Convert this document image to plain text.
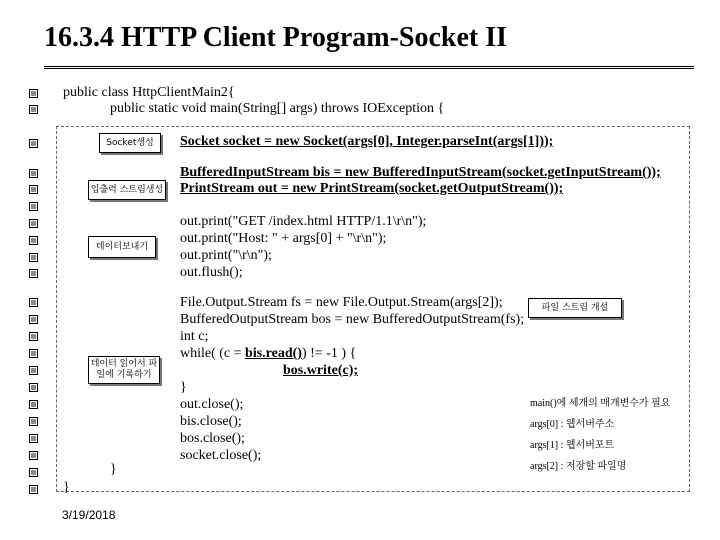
16.3.4 HTTP Client Program-Socket II
public class HttpClientMain2{
public static void main(String[] args) throws IOException {
Socket socket = new Socket(args[0], Integer.parseInt(args[1]));
BufferedInputStream bis = new BufferedInputStream(socket.getInputStream());
PrintStream out = new PrintStream(socket.getOutputStream());
out.print("GET /index.html HTTP/1.1\r\n");
out.print("Host: " + args[0] + "\r\n");
out.print("\r\n");
out.flush();
File.Output.Stream fs = new File.Output.Stream(args[2]);
BufferedOutputStream bos = new BufferedOutputStream(fs);
int c;
while( (c = bis.read()) != -1 ) {
bos.write(c);
}
out.close();
bis.close();
bos.close();
socket.close();
}
}
Socket생성
입출력 스트림생성
데이터보내기
데이터 읽어서 파
일에 기록하기
파일 스트림 개설
main()에 세개의 매개변수가 필요
args[0] : 웹서버주소
args[1] : 웹서버포트
args[2] : 저장할 파일명
3/19/2018
